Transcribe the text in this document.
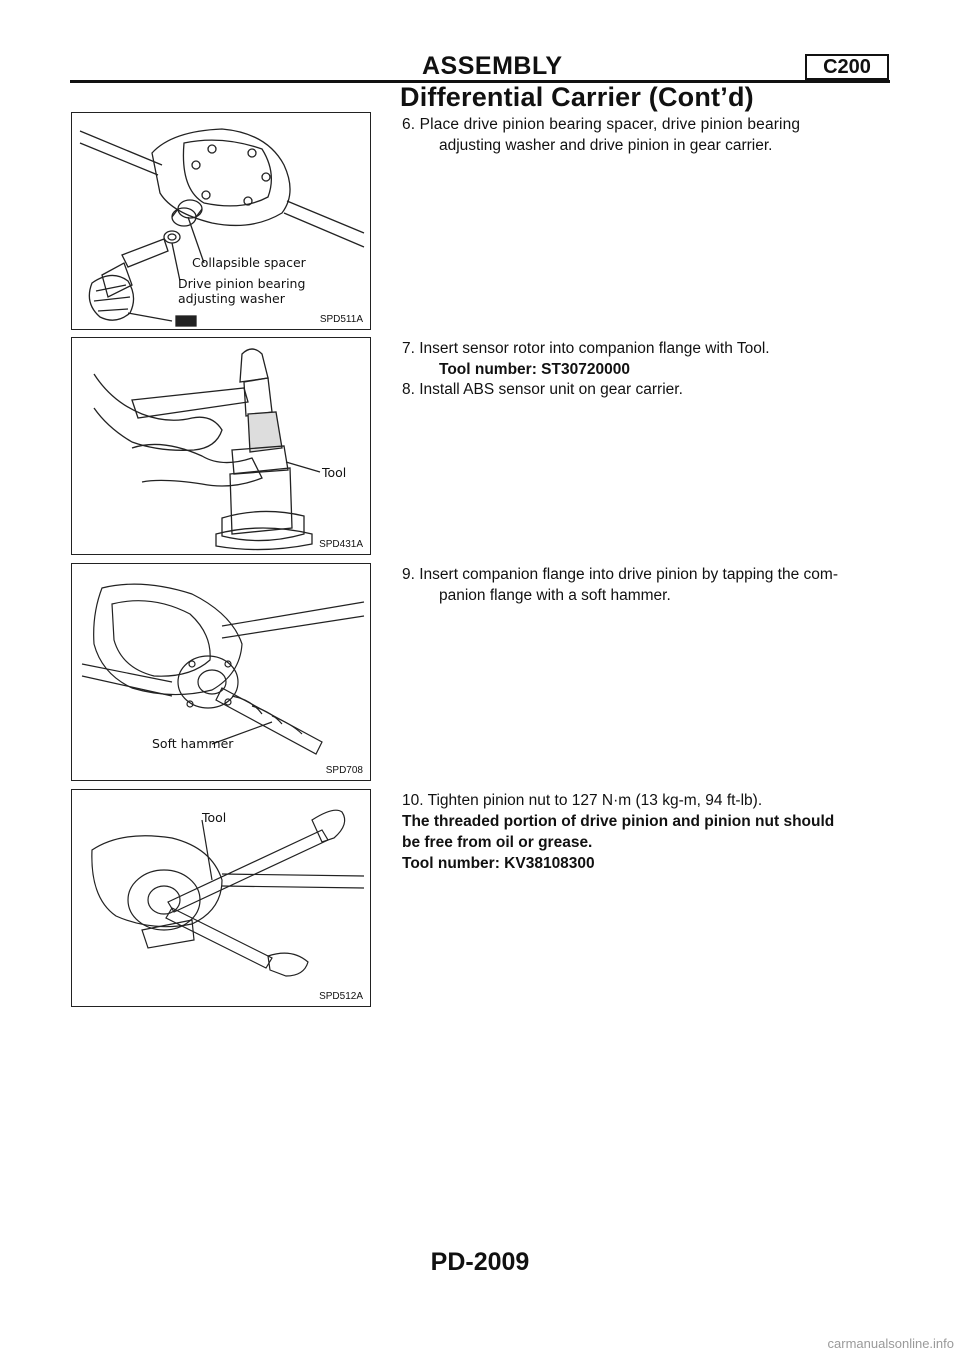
ASSEMBLY	C200
Differential Carrier (Cont’d)
Collapsible spacer
Drive pinion bearing
adjusting washer
SPD511A
Tool
SPD431A
Soft hammer
SPD708
Tool
SPD512A
6. Place drive pinion bearing spacer, drive pinion bearing
adjusting washer and drive pinion in gear carrier.
7. Insert sensor rotor into companion flange with Tool.
Tool number: ST30720000
8. Install ABS sensor unit on gear carrier.
9. Insert companion flange into drive pinion by tapping the com-
panion flange with a soft hammer.
10. Tighten pinion nut to 127 N·m (13 kg-m, 94 ft-lb).
The threaded portion of drive pinion and pinion nut should
be free from oil or grease.
Tool number: KV38108300
PD-2009
carmanualsonline.info
